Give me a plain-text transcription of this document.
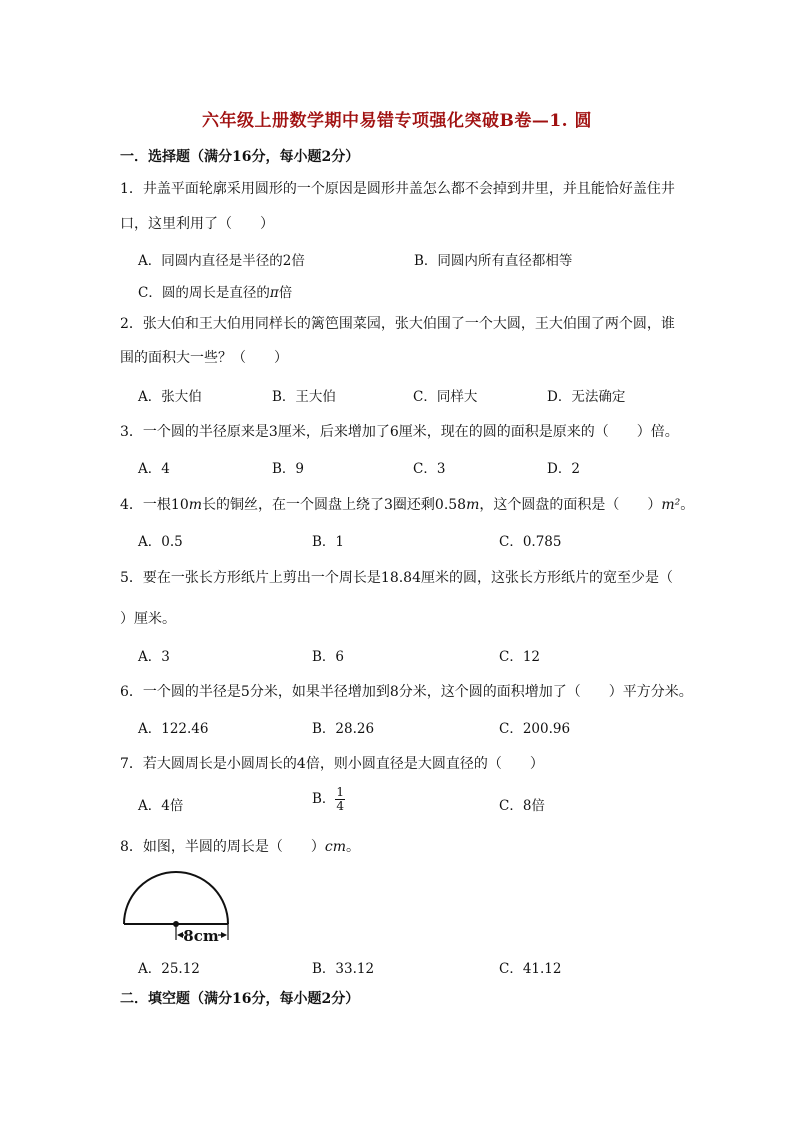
六年级上册数学期中易错专项强化突破B卷—1. 圆
一．选择题（满分16分，每小题2分）
1．井盖平面轮廓采用圆形的一个原因是圆形井盖怎么都不会掉到井里，并且能恰好盖住井
口，这里利用了（　　）
A．同圆内直径是半径的2倍	B．同圆内所有直径都相等
C．圆的周长是直径的π倍
2．张大伯和王大伯用同样长的篱笆围菜园，张大伯围了一个大圆，王大伯围了两个圆，谁
围的面积大一些？（　　）
A．张大伯	B．王大伯	C．同样大	D．无法确定
3．一个圆的半径原来是3厘米，后来增加了6厘米，现在的圆的面积是原来的（　　）倍。
A．4	B．9	C．3	D．2
4．一根10m长的铜丝，在一个圆盘上绕了3圈还剩0.58m，这个圆盘的面积是（　　）m²。
A．0.5	B．1	C．0.785
5．要在一张长方形纸片上剪出一个周长是18.84厘米的圆，这张长方形纸片的宽至少是（
）厘米。
A．3	B．6	C．12
6．一个圆的半径是5分米，如果半径增加到8分米，这个圆的面积增加了（　　）平方分米。
A．122.46	B．28.26	C．200.96
7．若大圆周长是小圆周长的4倍，则小圆直径是大圆直径的（　　）
A．4倍	B． $\frac{1}{4}$	C．8倍
8．如图，半圆的周长是（　　）cm。
8cm
A．25.12	B．33.12	C．41.12
二．填空题（满分16分，每小题2分）
